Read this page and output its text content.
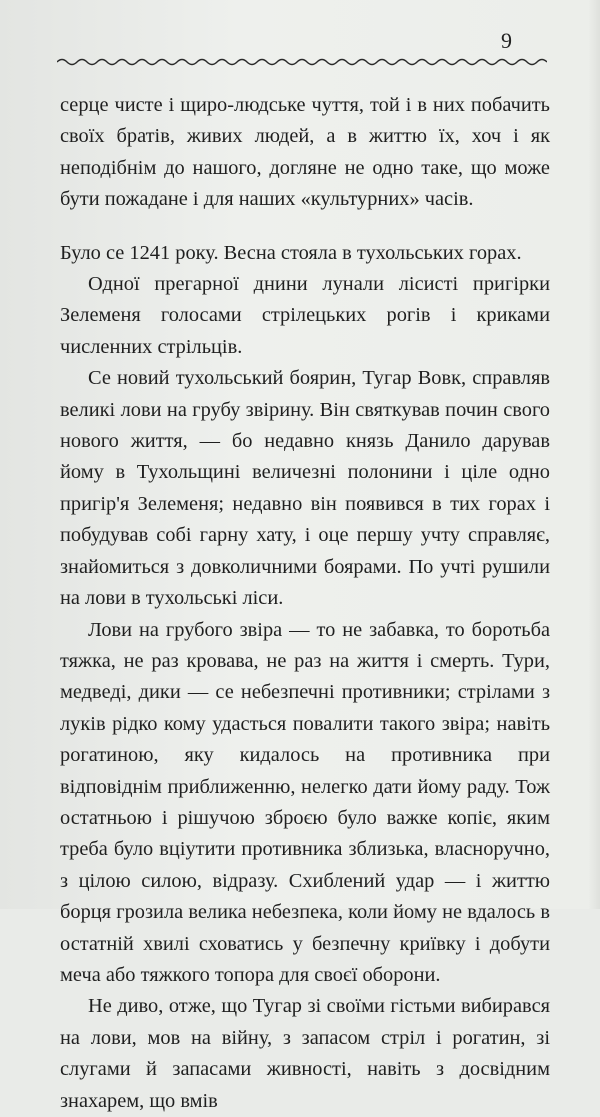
9

серце чисте і щиро-людське чуття, той і в них побачить своїх братів, живих людей, а в життю їх, хоч і як неподібнім до нашого, догляне не одно таке, що може бути пожадане і для наших «культурних» часів.

Було се 1241 року. Весна стояла в тухольських горах.

Одної прегарної днини лунали лісисті пригірки Зелеменя голосами стрілецьких рогів і криками численних стрільців.

Се новий тухольський боярин, Тугар Вовк, справляв великі лови на грубу звірину. Він святкував почин свого нового життя, — бо недавно князь Данило дарував йому в Тухольщині величезні полонини і ціле одно пригір'я Зелеменя; недавно він появився в тих горах і побудував собі гарну хату, і оце першу учту справляє, знайомиться з довколичними боярами. По учті рушили на лови в тухольські ліси.

Лови на грубого звіра — то не забавка, то боротьба тяжка, не раз кровава, не раз на життя і смерть. Тури, медведі, дики — се небезпечні противники; стрілами з луків рідко кому удасться повалити такого звіра; навіть рогатиною, яку кидалось на противника при відповіднім приближенню, нелегко дати йому раду. Тож остатньою і рішучою зброєю було важке копіє, яким треба було вціутити противника зблизька, власноручно, з цілою силою, відразу. Схиблений удар — і життю борця грозила велика небезпека, коли йому не вдалось в остатній хвилі сховатись у безпечну криївку і добути меча або тяжкого топора для своєї оборони.

Не диво, отже, що Тугар зі своїми гістьми вибирався на лови, мов на війну, з запасом стріл і рогатин, зі слугами й запасами живності, навіть з досвідним знахарем, що вмів
